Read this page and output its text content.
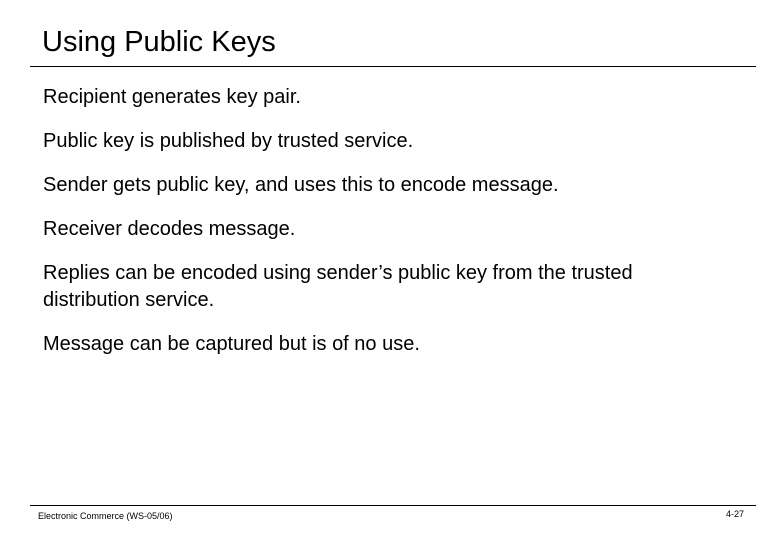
Using Public Keys
Recipient generates key pair.
Public key is published by trusted service.
Sender gets public key, and uses this to encode message.
Receiver decodes message.
Replies can be encoded using sender’s public key from the trusted distribution service.
Message can be captured but is of no use.
Electronic Commerce (WS-05/06)	4-27
